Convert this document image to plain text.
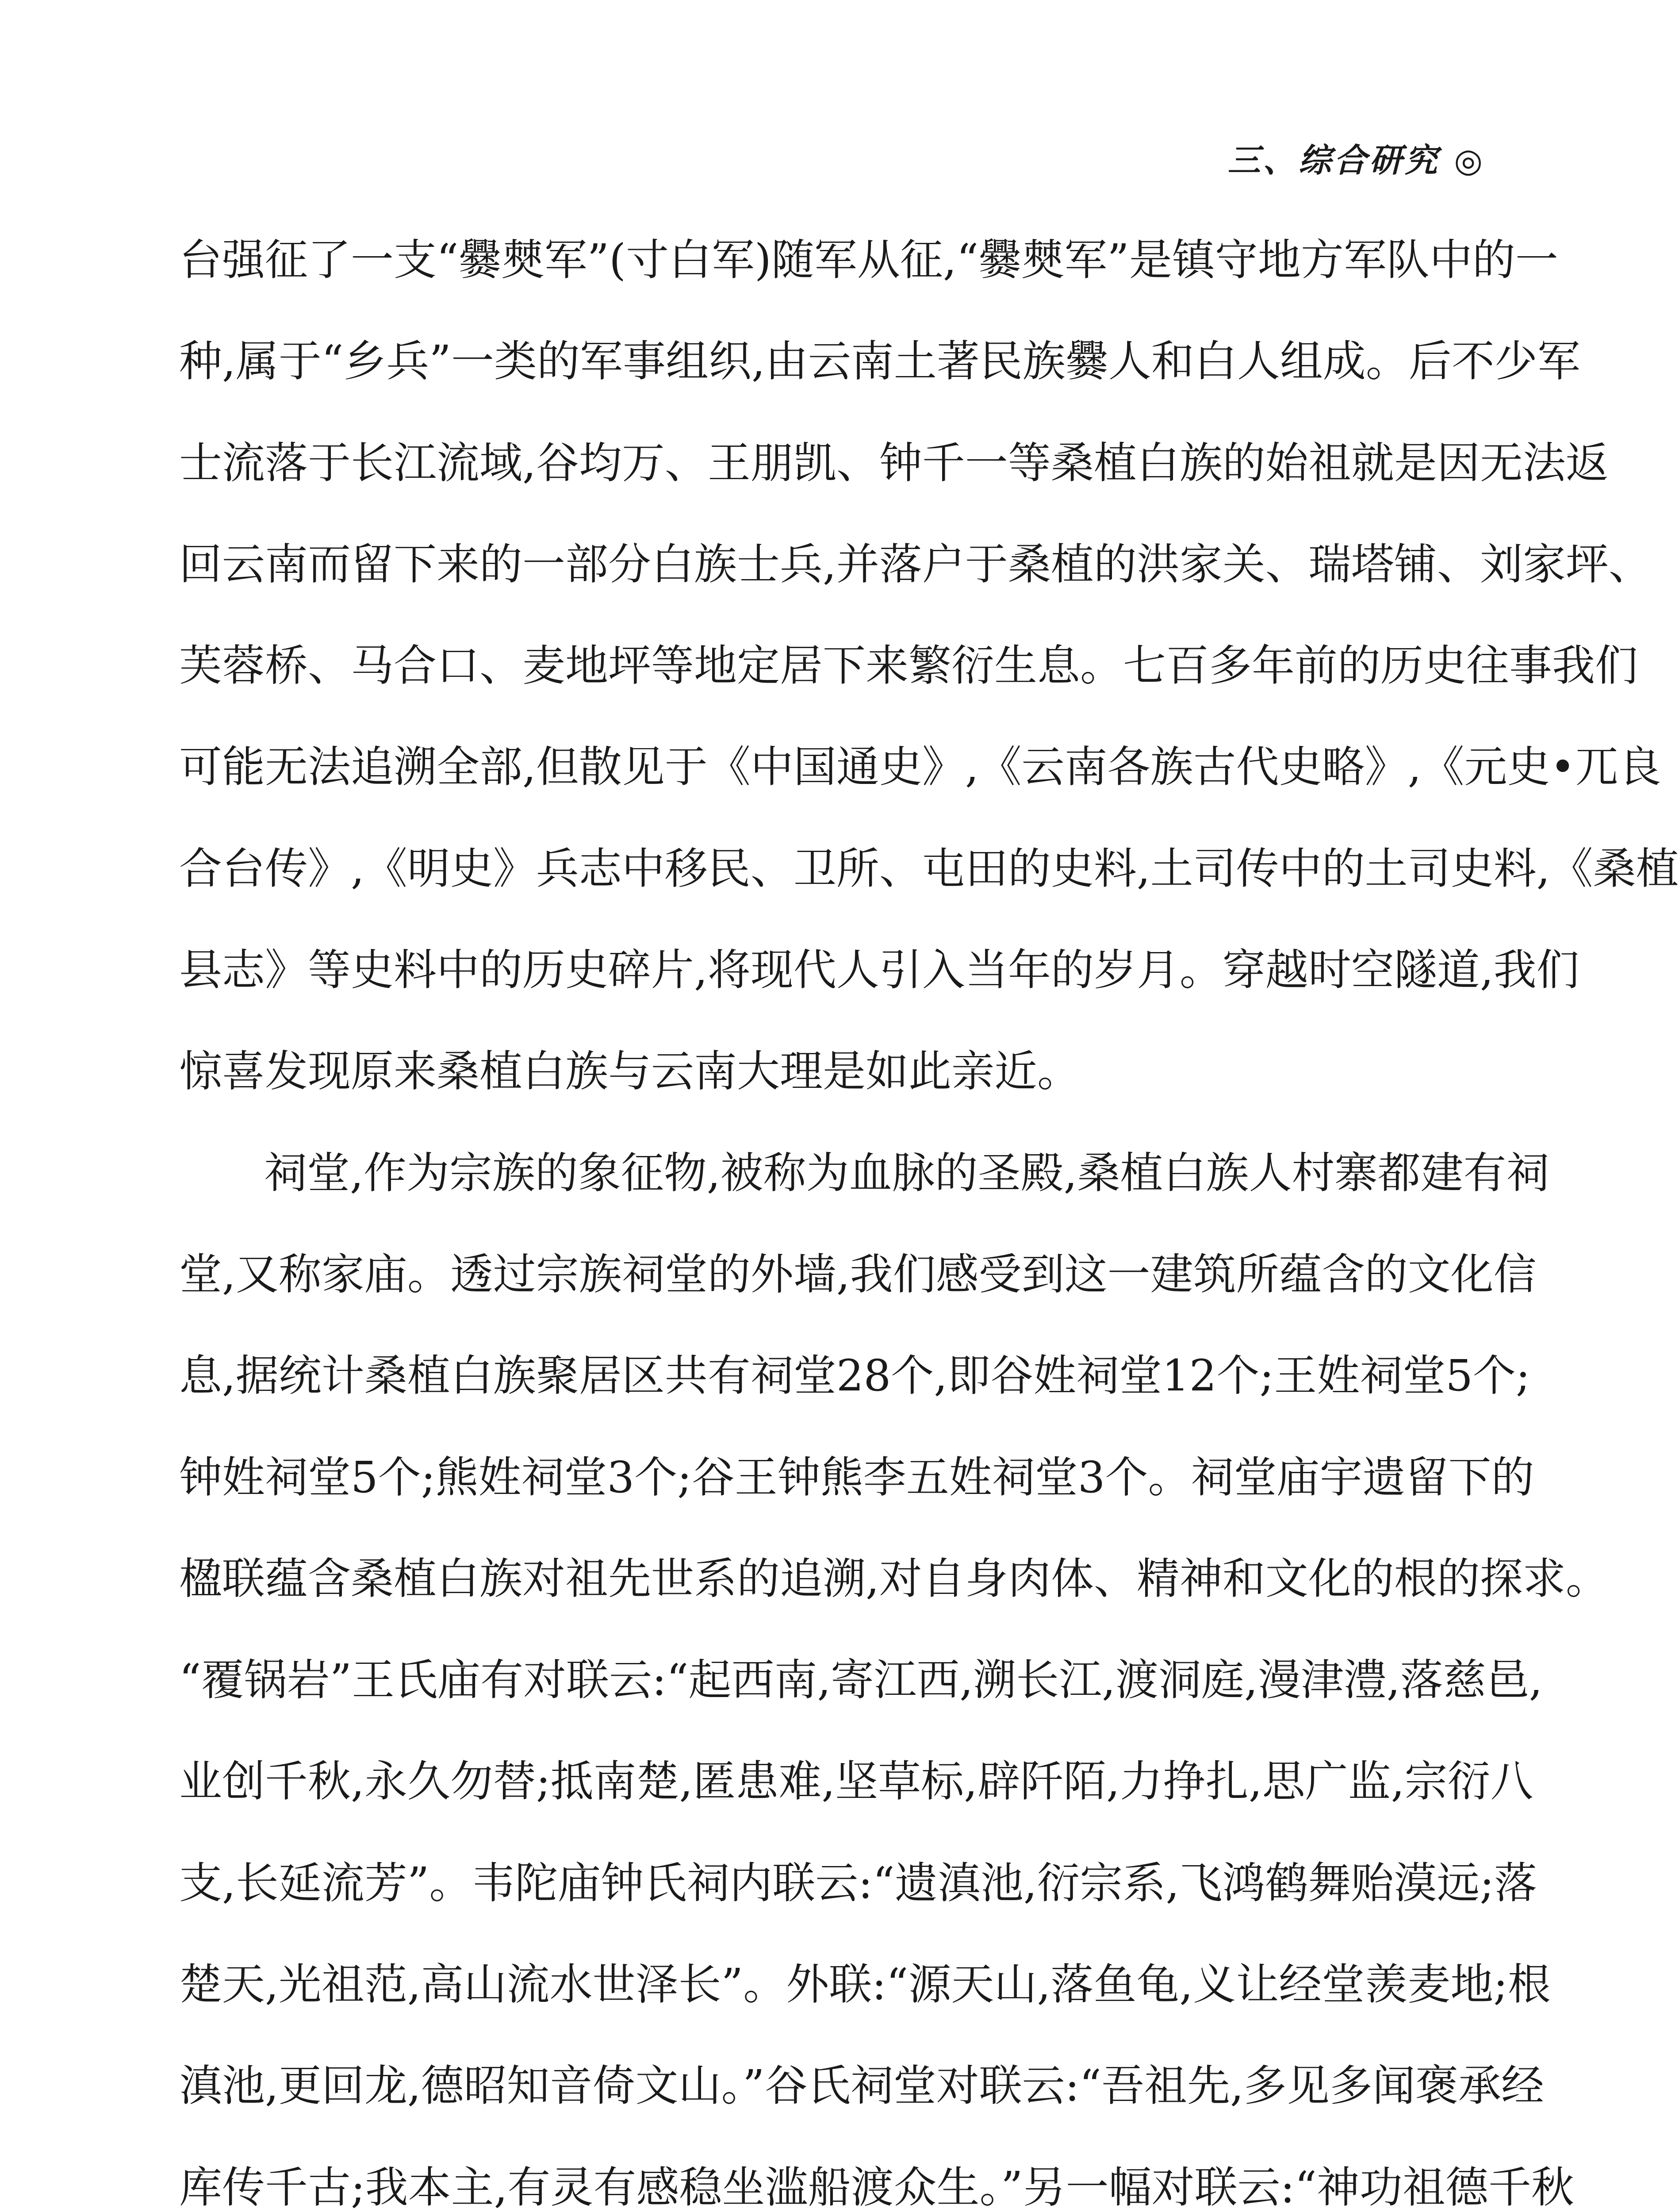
三、综合研究 ◎
台强征了一支“爨僰军”(寸白军)随军从征,“爨僰军”是镇守地方军队中的一
种,属于“乡兵”一类的军事组织,由云南土著民族爨人和白人组成。后不少军
士流落于长江流域,谷均万、王朋凯、钟千一等桑植白族的始祖就是因无法返
回云南而留下来的一部分白族士兵,并落户于桑植的洪家关、瑞塔铺、刘家坪、
芙蓉桥、马合口、麦地坪等地定居下来繁衍生息。七百多年前的历史往事我们
可能无法追溯全部,但散见于《中国通史》,《云南各族古代史略》,《元史•兀良
合台传》,《明史》兵志中移民、卫所、屯田的史料,土司传中的土司史料,《桑植
县志》等史料中的历史碎片,将现代人引入当年的岁月。穿越时空隧道,我们
惊喜发现原来桑植白族与云南大理是如此亲近。
祠堂,作为宗族的象征物,被称为血脉的圣殿,桑植白族人村寨都建有祠
堂,又称家庙。透过宗族祠堂的外墙,我们感受到这一建筑所蕴含的文化信
息,据统计桑植白族聚居区共有祠堂28个,即谷姓祠堂12个;王姓祠堂5个;
钟姓祠堂5个;熊姓祠堂3个;谷王钟熊李五姓祠堂3个。祠堂庙宇遗留下的
楹联蕴含桑植白族对祖先世系的追溯,对自身肉体、精神和文化的根的探求。
“覆锅岩”王氏庙有对联云:“起西南,寄江西,溯长江,渡洞庭,漫津澧,落慈邑,
业创千秋,永久勿替;抵南楚,匿患难,坚草标,辟阡陌,力挣扎,思广监,宗衍八
支,长延流芳”。韦陀庙钟氏祠内联云:“遗滇池,衍宗系,飞鸿鹤舞贻漠远;落
楚天,光祖范,高山流水世泽长”。外联:“源天山,落鱼龟,义让经堂羡麦地;根
滇池,更回龙,德昭知音倚文山。”谷氏祠堂对联云:“吾祖先,多见多闻褒承经
库传千古;我本主,有灵有感稳坐滥船渡众生。”另一幅对联云:“神功祖德千秋
